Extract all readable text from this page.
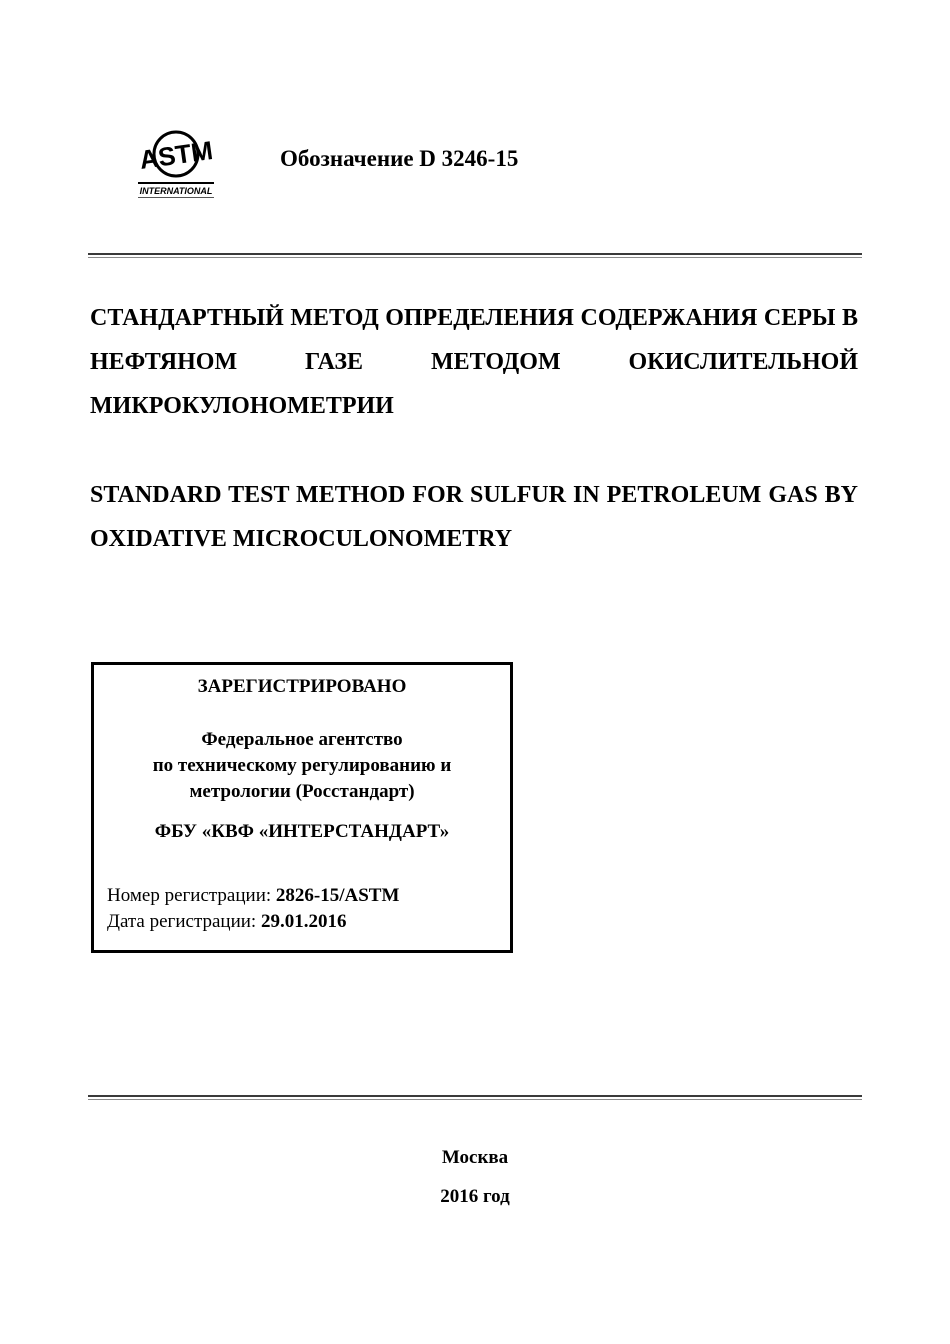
ASTM
INTERNATIONAL
Обозначение D 3246-15
СТАНДАРТНЫЙ МЕТОД ОПРЕДЕЛЕНИЯ СОДЕРЖАНИЯ СЕРЫ В НЕФТЯНОМ ГАЗЕ МЕТОДОМ ОКИСЛИТЕЛЬНОЙ МИКРОКУЛОНОМЕТРИИ
STANDARD TEST METHOD FOR SULFUR IN PETROLEUM GAS BY OXIDATIVE MICROCULONOMETRY
ЗАРЕГИСТРИРОВАНО
Федеральное агентство
по техническому регулированию и
метрологии (Росстандарт)
ФБУ «КВФ «ИНТЕРСТАНДАРТ»
Номер регистрации: 2826-15/ASTM
Дата регистрации: 29.01.2016
Москва
2016 год
